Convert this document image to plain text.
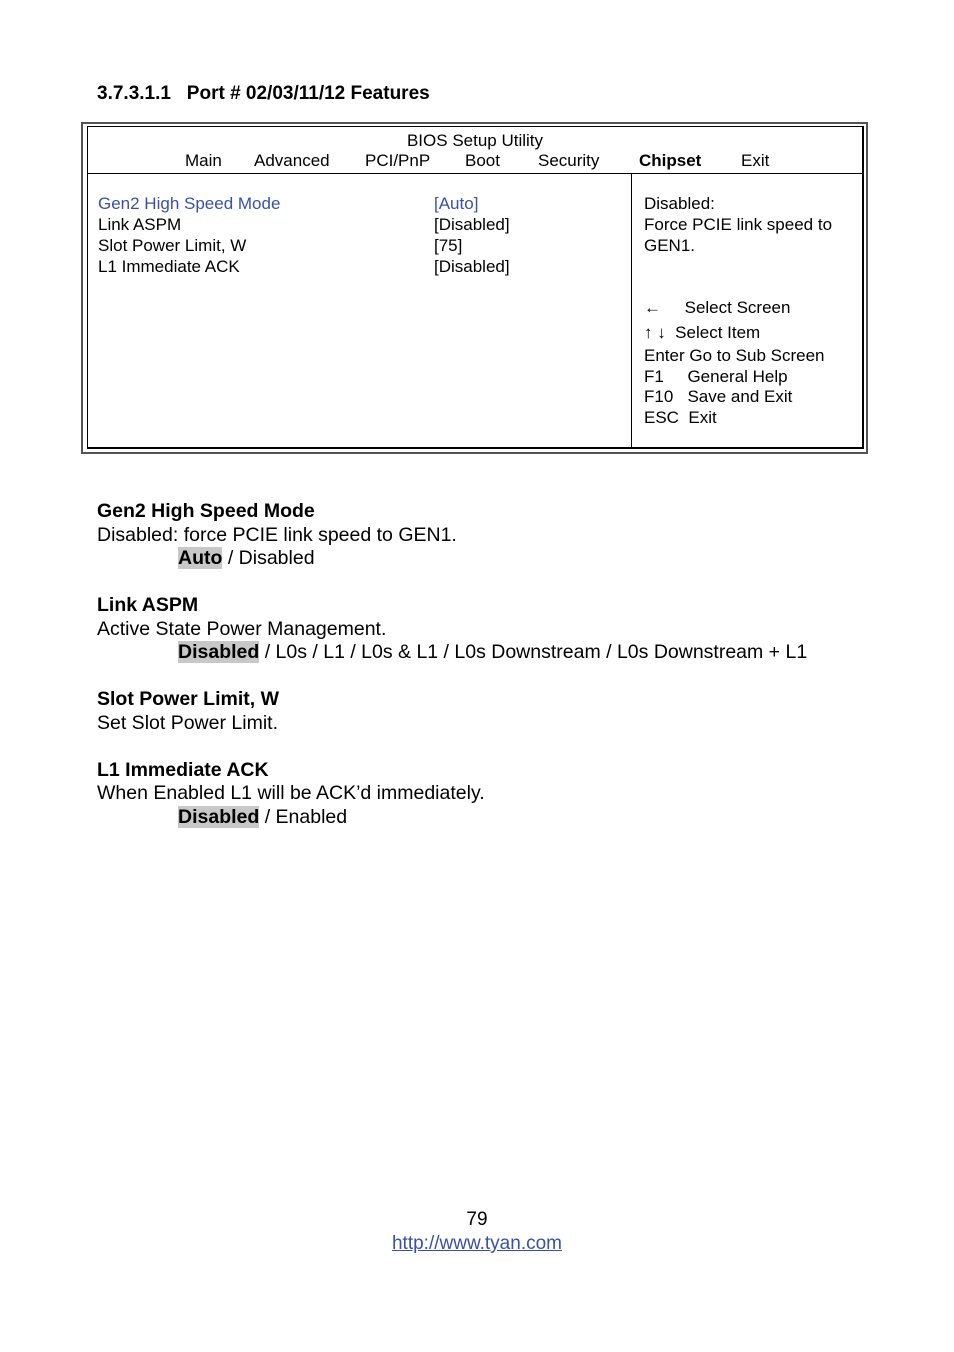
3.7.3.1.1   Port # 02/03/11/12 Features
BIOS Setup Utility
Main Advanced PCI/PnP Boot Security Chipset Exit
Gen2 High Speed Mode	[Auto]
Link ASPM	[Disabled]
Slot Power Limit, W	[75]
L1 Immediate ACK	[Disabled]
Disabled:
Force PCIE link speed to
GEN1.
←     Select Screen
↑ ↓  Select Item
Enter Go to Sub Screen
F1     General Help
F10   Save and Exit
ESC  Exit
Gen2 High Speed Mode
Disabled: force PCIE link speed to GEN1.
Auto / Disabled
Link ASPM
Active State Power Management.
Disabled / L0s / L1 / L0s & L1 / L0s Downstream / L0s Downstream + L1
Slot Power Limit, W
Set Slot Power Limit.
L1 Immediate ACK
When Enabled L1 will be ACK’d immediately.
Disabled / Enabled
79
http://www.tyan.com
